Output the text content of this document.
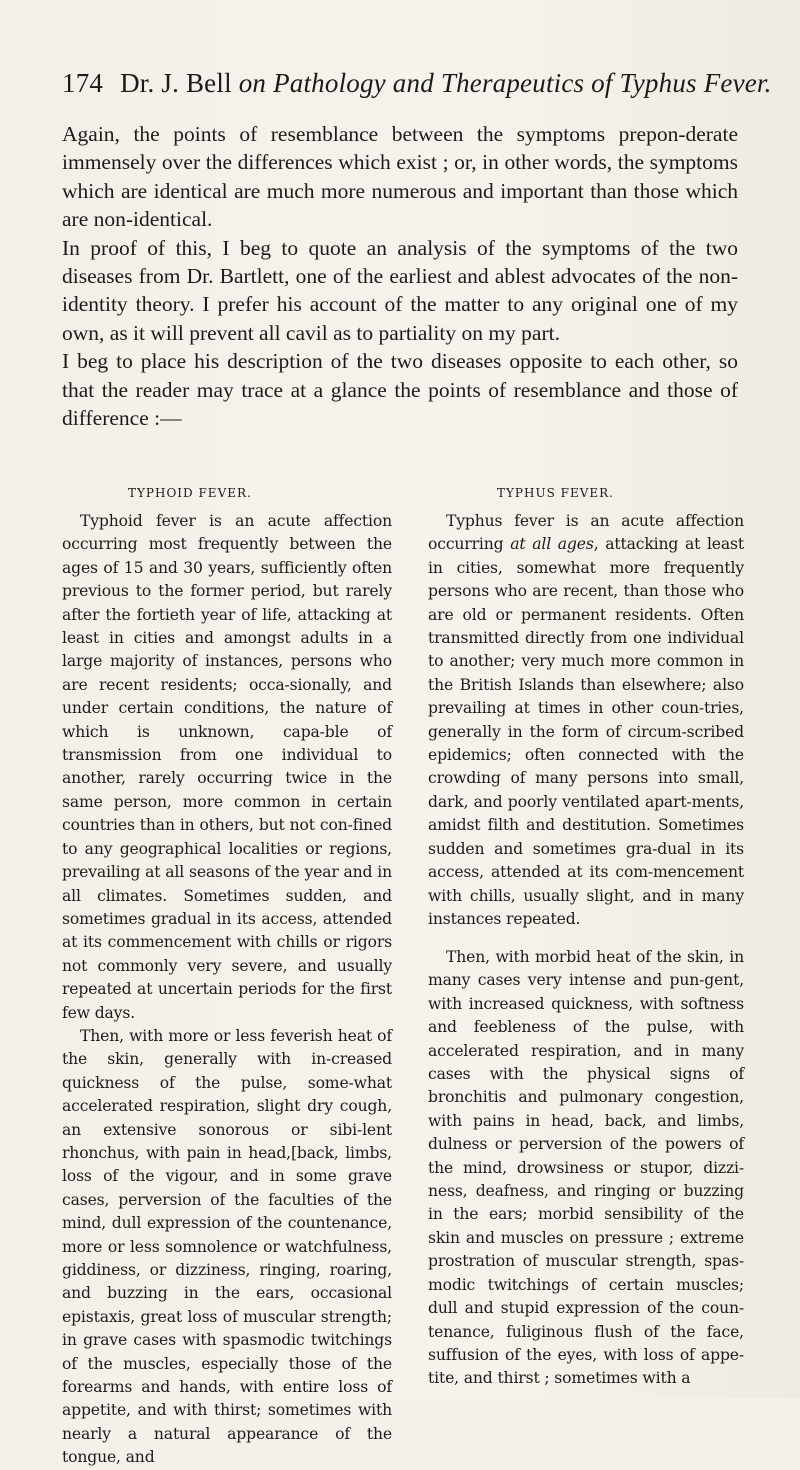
174 Dr. J. Bell on Pathology and Therapeutics of Typhus Fever.

Again, the points of resemblance between the symptoms prepon-derate immensely over the differences which exist ; or, in other words, the symptoms which are identical are much more numerous and important than those which are non-identical.

In proof of this, I beg to quote an analysis of the symptoms of the two diseases from Dr. Bartlett, one of the earliest and ablest advocates of the non-identity theory. I prefer his account of the matter to any original one of my own, as it will prevent all cavil as to partiality on my part.

I beg to place his description of the two diseases opposite to each other, so that the reader may trace at a glance the points of resemblance and those of difference :—

TYPHOID FEVER.	TYPHUS FEVER.

Typhoid fever is an acute affection occurring most frequently between the ages of 15 and 30 years, sufficiently often previous to the former period, but rarely after the fortieth year of life, attacking at least in cities and amongst adults in a large majority of instances, persons who are recent residents; occa-sionally, and under certain conditions, the nature of which is unknown, capa-ble of transmission from one individual to another, rarely occurring twice in the same person, more common in certain countries than in others, but not con-fined to any geographical localities or regions, prevailing at all seasons of the year and in all climates. Sometimes sudden, and sometimes gradual in its access, attended at its commencement with chills or rigors not commonly very severe, and usually repeated at uncertain periods for the first few days.

Then, with more or less feverish heat of the skin, generally with in-creased quickness of the pulse, some-what accelerated respiration, slight dry cough, an extensive sonorous or sibi-lent rhonchus, with pain in head,[back, limbs, loss of the vigour, and in some grave cases, perversion of the faculties of the mind, dull expression of the countenance, more or less somnolence or watchfulness, giddiness, or dizziness, ringing, roaring, and buzzing in the ears, occasional epistaxis, great loss of muscular strength; in grave cases with spasmodic twitchings of the muscles, especially those of the forearms and hands, with entire loss of appetite, and with thirst; sometimes with nearly a natural appearance of the tongue, and

Typhus fever is an acute affection occurring at all ages, attacking at least in cities, somewhat more frequently persons who are recent, than those who are old or permanent residents. Often transmitted directly from one individual to another; very much more common in the British Islands than elsewhere; also prevailing at times in other coun-tries, generally in the form of circum-scribed epidemics; often connected with the crowding of many persons into small, dark, and poorly ventilated apart-ments, amidst filth and destitution. Sometimes sudden and sometimes gra-dual in its access, attended at its com-mencement with chills, usually slight, and in many instances repeated.

Then, with morbid heat of the skin, in many cases very intense and pun-gent, with increased quickness, with softness and feebleness of the pulse, with accelerated respiration, and in many cases with the physical signs of bronchitis and pulmonary congestion, with pains in head, back, and limbs, dulness or perversion of the powers of the mind, drowsiness or stupor, dizzi-ness, deafness, and ringing or buzzing in the ears; morbid sensibility of the skin and muscles on pressure ; extreme prostration of muscular strength, spas-modic twitchings of certain muscles; dull and stupid expression of the coun-tenance, fuliginous flush of the face, suffusion of the eyes, with loss of appe-tite, and thirst ; sometimes with a
